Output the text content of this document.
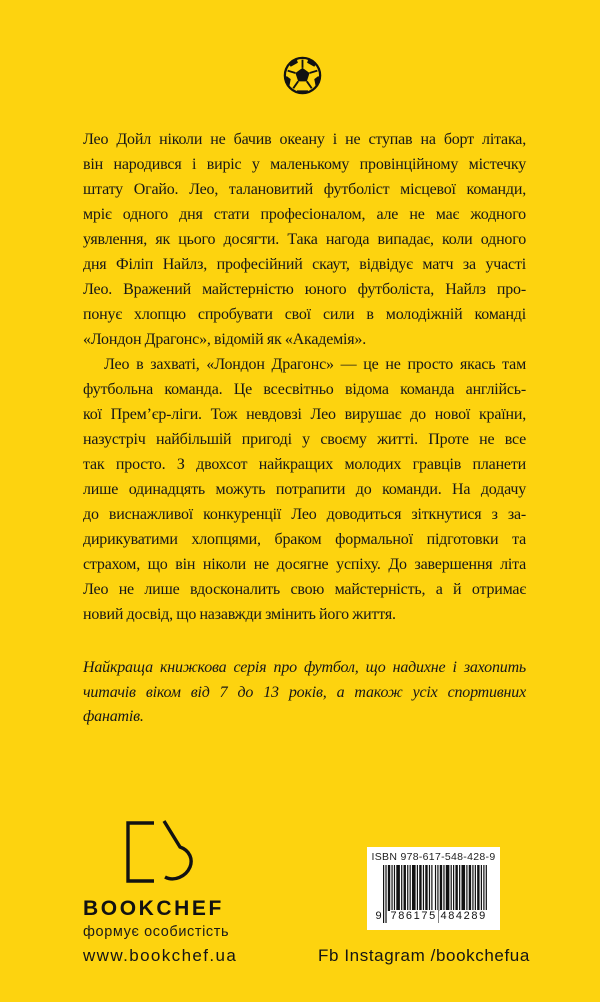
Лео Дойл ніколи не бачив океану і не ступав на борт літака,
він народився і виріс у маленькому провінційному містечку
штату Огайо. Лео, талановитий футболіст місцевої команди,
мріє одного дня стати професіоналом, але не має жодного
уявлення, як цього досягти. Така нагода випадає, коли одного
дня Філіп Найлз, професійний скаут, відвідує матч за участі
Лео. Вражений майстерністю юного футболіста, Найлз про-
понує хлопцю спробувати свої сили в молодіжній команді
«Лондон Драгонс», відомій як «Академія».
Лео в захваті, «Лондон Драгонс» — це не просто якась там
футбольна команда. Це всесвітньо відома команда англійсь-
кої Прем’єр-ліги. Тож невдовзі Лео вирушає до нової країни,
назустріч найбільшій пригоді у своєму житті. Проте не все
так просто. З двохсот найкращих молодих гравців планети
лише одинадцять можуть потрапити до команди. На додачу
до виснажливої конкуренції Лео доводиться зіткнутися з за-
дирикуватими хлопцями, браком формальної підготовки та
страхом, що він ніколи не досягне успіху. До завершення літа
Лео не лише вдосконалить свою майстерність, а й отримає
новий досвід, що назавжди змінить його життя.
Найкраща книжкова серія про футбол, що надихне і захопить
читачів віком від 7 до 13 років, а також усіх спортивних
фанатів.
BOOKCHEF
формує особистість
ISBN 978-617-548-428-9
9 786175 484289
www.bookchef.ua	Fb Instagram /bookchefua
